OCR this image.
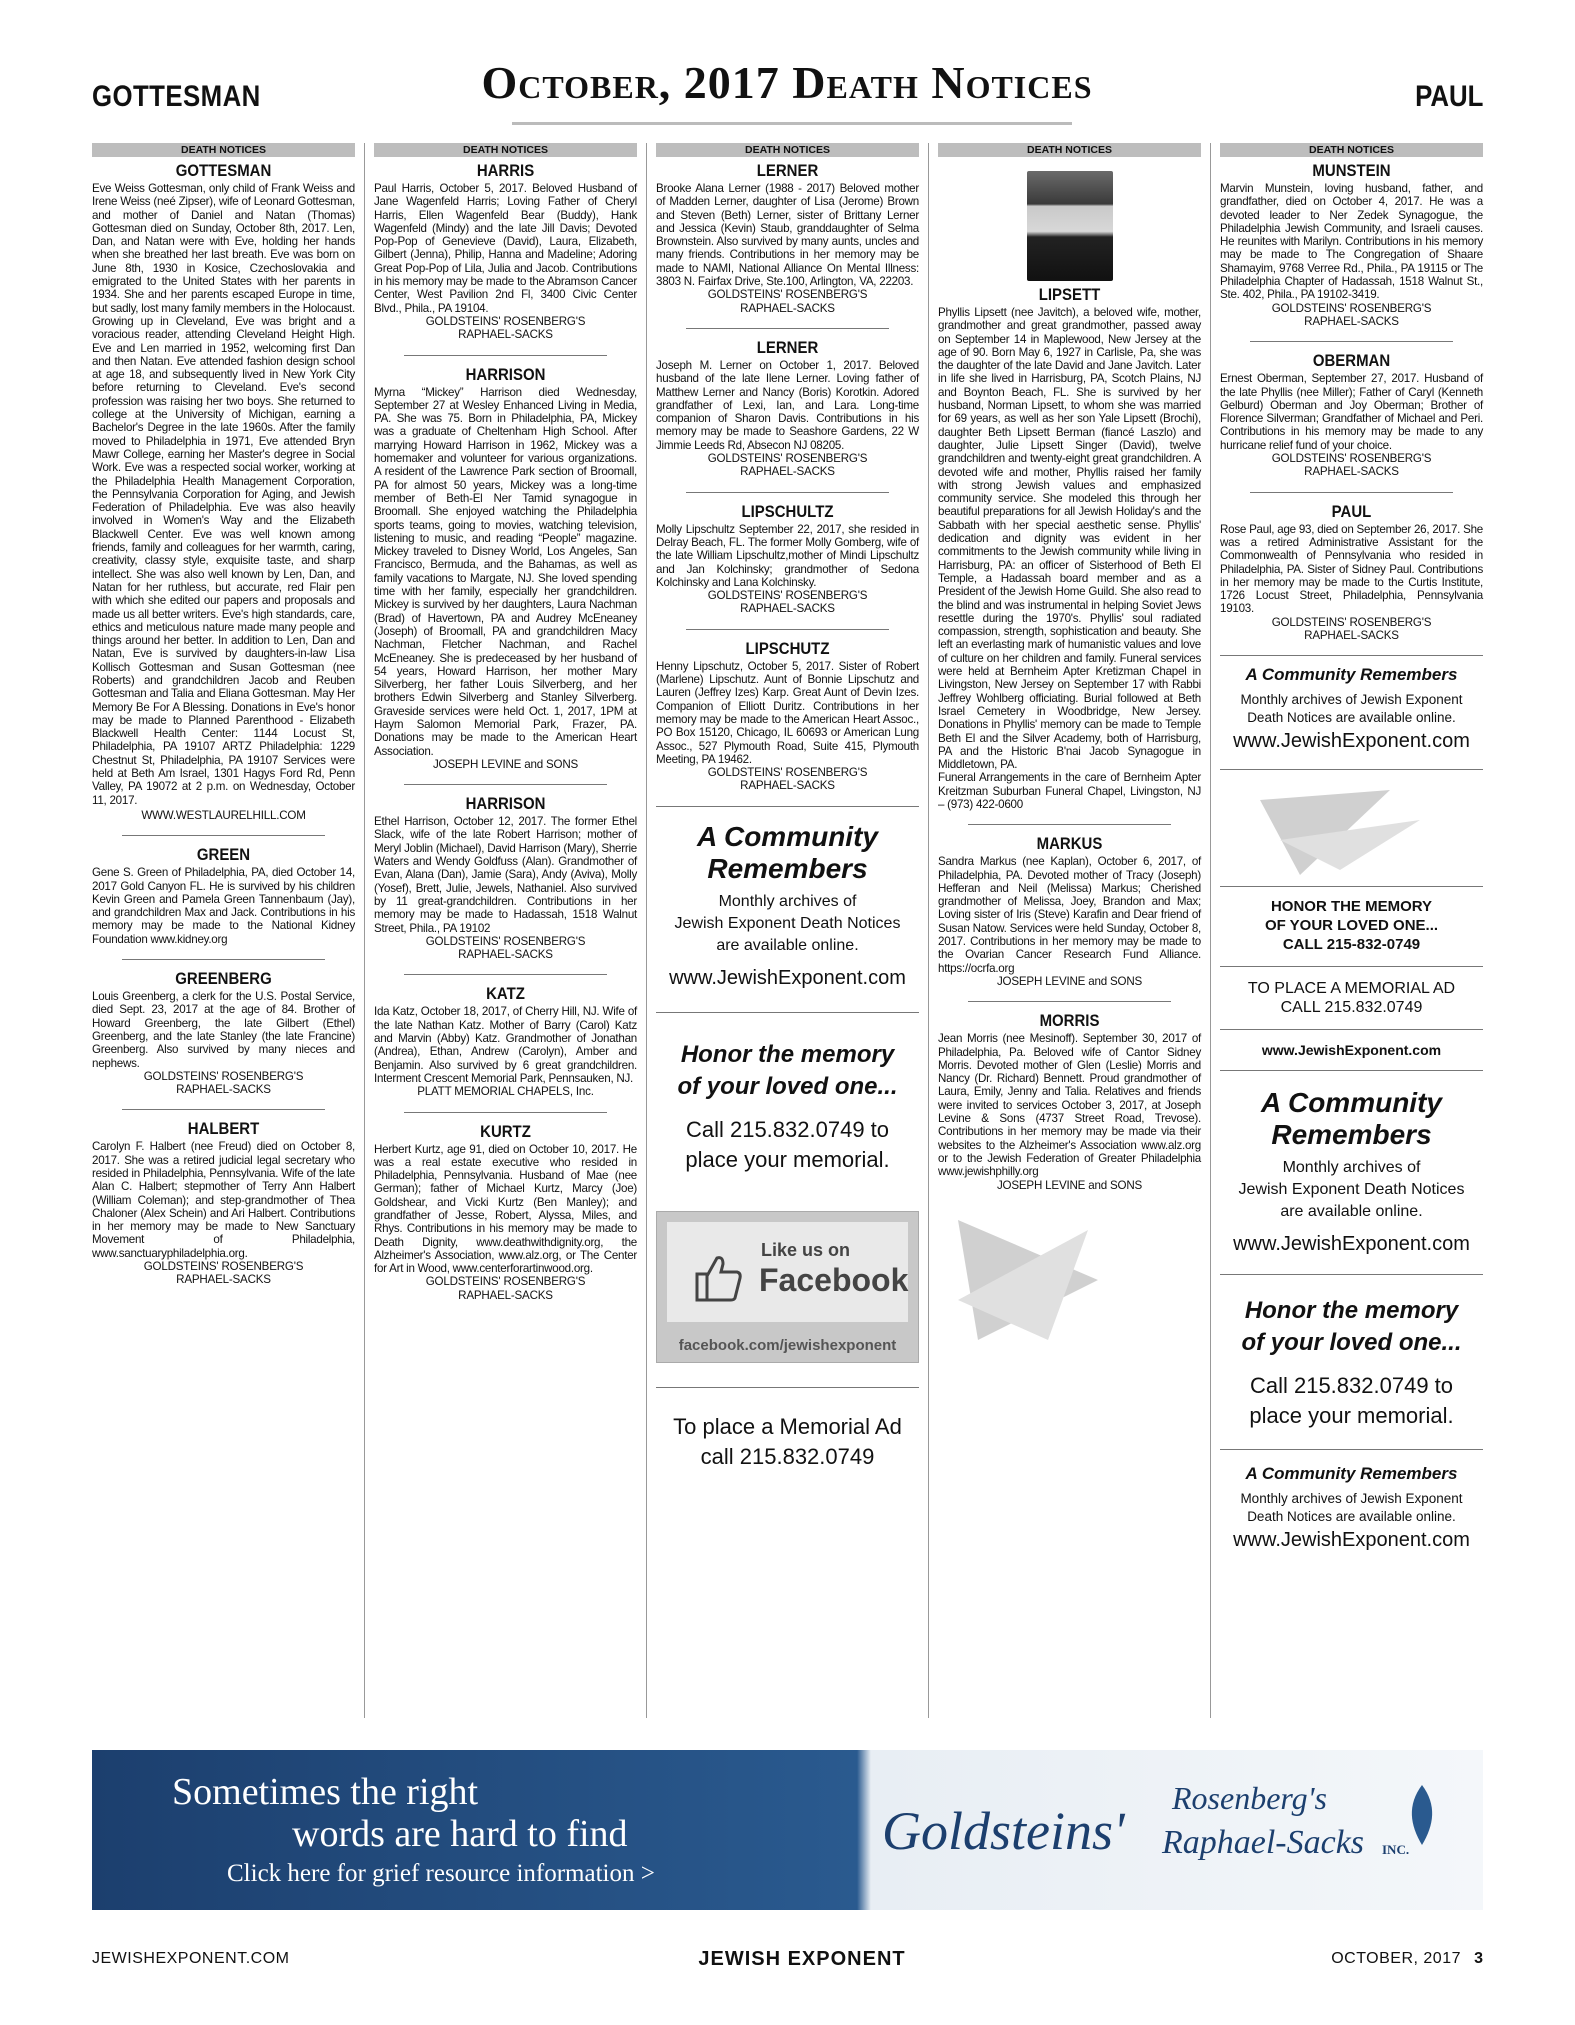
GOTTESMAN	October, 2017 Death Notices	PAUL
DEATH NOTICES
GOTTESMAN
Eve Weiss Gottesman, only child of Frank Weiss and Irene Weiss (neé Zipser), wife of Leonard Gottesman, and mother of Daniel and Natan (Thomas) Gottesman died on Sunday, October 8th, 2017. Len, Dan, and Natan were with Eve, holding her hands when she breathed her last breath. Eve was born on June 8th, 1930 in Kosice, Czechoslovakia and emigrated to the United States with her parents in 1934. She and her parents escaped Europe in time, but sadly, lost many family members in the Holocaust. Growing up in Cleveland, Eve was bright and a voracious reader, attending Cleveland Height High. Eve and Len married in 1952, welcoming first Dan and then Natan. Eve attended fashion design school at age 18, and subsequently lived in New York City before returning to Cleveland. Eve's second profession was raising her two boys. She returned to college at the University of Michigan, earning a Bachelor's Degree in the late 1960s. After the family moved to Philadelphia in 1971, Eve attended Bryn Mawr College, earning her Master's degree in Social Work. Eve was a respected social worker, working at the Philadelphia Health Management Corporation, the Pennsylvania Corporation for Aging, and Jewish Federation of Philadelphia. Eve was also heavily involved in Women's Way and the Elizabeth Blackwell Center. Eve was well known among friends, family and colleagues for her warmth, caring, creativity, classy style, exquisite taste, and sharp intellect. She was also well known by Len, Dan, and Natan for her ruthless, but accurate, red Flair pen with which she edited our papers and proposals and made us all better writers. Eve's high standards, care, ethics and meticulous nature made many people and things around her better. In addition to Len, Dan and Natan, Eve is survived by daughters-in-law Lisa Kollisch Gottesman and Susan Gottesman (nee Roberts) and grandchildren Jacob and Reuben Gottesman and Talia and Eliana Gottesman. May Her Memory Be For A Blessing. Donations in Eve's honor may be made to Planned Parenthood - Elizabeth Blackwell Health Center: 1144 Locust St, Philadelphia, PA 19107 ARTZ Philadelphia: 1229 Chestnut St, Philadelphia, PA 19107 Services were held at Beth Am Israel, 1301 Hagys Ford Rd, Penn Valley, PA 19072 at 2 p.m. on Wednesday, October 11, 2017.
WWW.WESTLAURELHILL.COM
GREEN
Gene S. Green of Philadelphia, PA, died October 14, 2017 Gold Canyon FL. He is survived by his children Kevin Green and Pamela Green Tannenbaum (Jay), and grandchildren Max and Jack. Contributions in his memory may be made to the National Kidney Foundation www.kidney.org
GREENBERG
Louis Greenberg, a clerk for the U.S. Postal Service, died Sept. 23, 2017 at the age of 84. Brother of Howard Greenberg, the late Gilbert (Ethel) Greenberg, and the late Stanley (the late Francine) Greenberg. Also survived by many nieces and nephews.
GOLDSTEINS' ROSENBERG'S
RAPHAEL-SACKS
HALBERT
Carolyn F. Halbert (nee Freud) died on October 8, 2017. She was a retired judicial legal secretary who resided in Philadelphia, Pennsylvania. Wife of the late Alan C. Halbert; stepmother of Terry Ann Halbert (William Coleman); and step-grandmother of Thea Chaloner (Alex Schein) and Ari Halbert. Contributions in her memory may be made to New Sanctuary Movement of Philadelphia, www.sanctuaryphiladelphia.org.
GOLDSTEINS' ROSENBERG'S
RAPHAEL-SACKS
DEATH NOTICES
HARRIS
Paul Harris, October 5, 2017. Beloved Husband of Jane Wagenfeld Harris; Loving Father of Cheryl Harris, Ellen Wagenfeld Bear (Buddy), Hank Wagenfeld (Mindy) and the late Jill Davis; Devoted Pop-Pop of Genevieve (David), Laura, Elizabeth, Gilbert (Jenna), Philip, Hanna and Madeline; Adoring Great Pop-Pop of Lila, Julia and Jacob. Contributions in his memory may be made to the Abramson Cancer Center, West Pavilion 2nd Fl, 3400 Civic Center Blvd., Phila., PA 19104.
GOLDSTEINS' ROSENBERG'S
RAPHAEL-SACKS
HARRISON
Myrna “Mickey” Harrison died Wednesday, September 27 at Wesley Enhanced Living in Media, PA. She was 75. Born in Philadelphia, PA, Mickey was a graduate of Cheltenham High School. After marrying Howard Harrison in 1962, Mickey was a homemaker and volunteer for various organizations. A resident of the Lawrence Park section of Broomall, PA for almost 50 years, Mickey was a long-time member of Beth-El Ner Tamid synagogue in Broomall. She enjoyed watching the Philadelphia sports teams, going to movies, watching television, listening to music, and reading “People” magazine. Mickey traveled to Disney World, Los Angeles, San Francisco, Bermuda, and the Bahamas, as well as family vacations to Margate, NJ. She loved spending time with her family, especially her grandchildren. Mickey is survived by her daughters, Laura Nachman (Brad) of Havertown, PA and Audrey McEneaney (Joseph) of Broomall, PA and grandchildren Macy Nachman, Fletcher Nachman, and Rachel McEneaney. She is predeceased by her husband of 54 years, Howard Harrison, her mother Mary Silverberg, her father Louis Silverberg, and her brothers Edwin Silverberg and Stanley Silverberg. Graveside services were held Oct. 1, 2017, 1PM at Haym Salomon Memorial Park, Frazer, PA. Donations may be made to the American Heart Association.
JOSEPH LEVINE and SONS
HARRISON
Ethel Harrison, October 12, 2017. The former Ethel Slack, wife of the late Robert Harrison; mother of Meryl Joblin (Michael), David Harrison (Mary), Sherrie Waters and Wendy Goldfuss (Alan). Grandmother of Evan, Alana (Dan), Jamie (Sara), Andy (Aviva), Molly (Yosef), Brett, Julie, Jewels, Nathaniel. Also survived by 11 great-grandchildren. Contributions in her memory may be made to Hadassah, 1518 Walnut Street, Phila., PA 19102
GOLDSTEINS' ROSENBERG'S
RAPHAEL-SACKS
KATZ
Ida Katz, October 18, 2017, of Cherry Hill, NJ. Wife of the late Nathan Katz. Mother of Barry (Carol) Katz and Marvin (Abby) Katz. Grandmother of Jonathan (Andrea), Ethan, Andrew (Carolyn), Amber and Benjamin. Also survived by 6 great grandchildren. Interment Crescent Memorial Park, Pennsauken, NJ.
PLATT MEMORIAL CHAPELS, Inc.
KURTZ
Herbert Kurtz, age 91, died on October 10, 2017. He was a real estate executive who resided in Philadelphia, Pennsylvania. Husband of Mae (nee German); father of Michael Kurtz, Marcy (Joe) Goldshear, and Vicki Kurtz (Ben Manley); and grandfather of Jesse, Robert, Alyssa, Miles, and Rhys. Contributions in his memory may be made to Death Dignity, www.deathwithdignity.org, the Alzheimer's Association, www.alz.org, or The Center for Art in Wood, www.centerforartinwood.org.
GOLDSTEINS' ROSENBERG'S
RAPHAEL-SACKS
DEATH NOTICES
LERNER
Brooke Alana Lerner (1988 - 2017) Beloved mother of Madden Lerner, daughter of Lisa (Jerome) Brown and Steven (Beth) Lerner, sister of Brittany Lerner and Jessica (Kevin) Staub, granddaughter of Selma Brownstein. Also survived by many aunts, uncles and many friends. Contributions in her memory may be made to NAMI, National Alliance On Mental Illness: 3803 N. Fairfax Drive, Ste.100, Arlington, VA, 22203.
GOLDSTEINS' ROSENBERG'S
RAPHAEL-SACKS
LERNER
Joseph M. Lerner on October 1, 2017. Beloved husband of the late Ilene Lerner. Loving father of Matthew Lerner and Nancy (Boris) Korotkin. Adored grandfather of Lexi, Ian, and Lara. Long-time companion of Sharon Davis. Contributions in his memory may be made to Seashore Gardens, 22 W Jimmie Leeds Rd, Absecon NJ 08205.
GOLDSTEINS' ROSENBERG'S
RAPHAEL-SACKS
LIPSCHULTZ
Molly Lipschultz September 22, 2017, she resided in Delray Beach, FL. The former Molly Gomberg, wife of the late William Lipschultz,mother of Mindi Lipschultz and Jan Kolchinsky; grandmother of Sedona Kolchinsky and Lana Kolchinsky.
GOLDSTEINS' ROSENBERG'S
RAPHAEL-SACKS
LIPSCHUTZ
Henny Lipschutz, October 5, 2017. Sister of Robert (Marlene) Lipschutz. Aunt of Bonnie Lipschutz and Lauren (Jeffrey Izes) Karp. Great Aunt of Devin Izes. Companion of Elliott Duritz. Contributions in her memory may be made to the American Heart Assoc., PO Box 15120, Chicago, IL 60693 or American Lung Assoc., 527 Plymouth Road, Suite 415, Plymouth Meeting, PA 19462.
GOLDSTEINS' ROSENBERG'S
RAPHAEL-SACKS
A Community Remembers
Monthly archives of
Jewish Exponent Death Notices
are available online.
www.JewishExponent.com
Honor the memory
of your loved one...
Call 215.832.0749 to
place your memorial.
Like us on
Facebook
facebook.com/jewishexponent
To place a Memorial Ad
call 215.832.0749
DEATH NOTICES
LIPSETT
Phyllis Lipsett (nee Javitch), a beloved wife, mother, grandmother and great grandmother, passed away on September 14 in Maplewood, New Jersey at the age of 90. Born May 6, 1927 in Carlisle, Pa, she was the daughter of the late David and Jane Javitch. Later in life she lived in Harrisburg, PA, Scotch Plains, NJ and Boynton Beach, FL. She is survived by her husband, Norman Lipsett, to whom she was married for 69 years, as well as her son Yale Lipsett (Brochi), daughter Beth Lipsett Berman (fiancé Laszlo) and daughter, Julie Lipsett Singer (David), twelve grandchildren and twenty-eight great grandchildren. A devoted wife and mother, Phyllis raised her family with strong Jewish values and emphasized community service. She modeled this through her beautiful preparations for all Jewish Holiday's and the Sabbath with her special aesthetic sense. Phyllis' dedication and dignity was evident in her commitments to the Jewish community while living in Harrisburg, PA: an officer of Sisterhood of Beth El Temple, a Hadassah board member and as a President of the Jewish Home Guild. She also read to the blind and was instrumental in helping Soviet Jews resettle during the 1970's. Phyllis' soul radiated compassion, strength, sophistication and beauty. She left an everlasting mark of humanistic values and love of culture on her children and family. Funeral services were held at Bernheim Apter Kretizman Chapel in Livingston, New Jersey on September 17 with Rabbi Jeffrey Wohlberg officiating. Burial followed at Beth Israel Cemetery in Woodbridge, New Jersey. Donations in Phyllis' memory can be made to Temple Beth El and the Silver Academy, both of Harrisburg, PA and the Historic B'nai Jacob Synagogue in Middletown, PA.
Funeral Arrangements in the care of Bernheim Apter Kreitzman Suburban Funeral Chapel, Livingston, NJ – (973) 422-0600
MARKUS
Sandra Markus (nee Kaplan), October 6, 2017, of Philadelphia, PA. Devoted mother of Tracy (Joseph) Hefferan and Neil (Melissa) Markus; Cherished grandmother of Melissa, Joey, Brandon and Max; Loving sister of Iris (Steve) Karafin and Dear friend of Susan Natow. Services were held Sunday, October 8, 2017. Contributions in her memory may be made to the Ovarian Cancer Research Fund Alliance. https://ocrfa.org
JOSEPH LEVINE and SONS
MORRIS
Jean Morris (nee Mesinoff). September 30, 2017 of Philadelphia, Pa. Beloved wife of Cantor Sidney Morris. Devoted mother of Glen (Leslie) Morris and Nancy (Dr. Richard) Bennett. Proud grandmother of Laura, Emily, Jenny and Talia. Relatives and friends were invited to services October 3, 2017, at Joseph Levine & Sons (4737 Street Road, Trevose). Contributions in her memory may be made via their websites to the Alzheimer's Association www.alz.org or to the Jewish Federation of Greater Philadelphia www.jewishphilly.org
JOSEPH LEVINE and SONS
DEATH NOTICES
MUNSTEIN
Marvin Munstein, loving husband, father, and grandfather, died on October 4, 2017. He was a devoted leader to Ner Zedek Synagogue, the Philadelphia Jewish Community, and Israeli causes. He reunites with Marilyn. Contributions in his memory may be made to The Congregation of Shaare Shamayim, 9768 Verree Rd., Phila., PA 19115 or The Philadelphia Chapter of Hadassah, 1518 Walnut St., Ste. 402, Phila., PA 19102-3419.
GOLDSTEINS' ROSENBERG'S
RAPHAEL-SACKS
OBERMAN
Ernest Oberman, September 27, 2017. Husband of the late Phyllis (nee Miller); Father of Caryl (Kenneth Gelburd) Oberman and Joy Oberman; Brother of Florence Silverman; Grandfather of Michael and Peri. Contributions in his memory may be made to any hurricane relief fund of your choice.
GOLDSTEINS' ROSENBERG'S
RAPHAEL-SACKS
PAUL
Rose Paul, age 93, died on September 26, 2017. She was a retired Administrative Assistant for the Commonwealth of Pennsylvania who resided in Philadelphia, PA. Sister of Sidney Paul. Contributions in her memory may be made to the Curtis Institute, 1726 Locust Street, Philadelphia, Pennsylvania 19103.
GOLDSTEINS' ROSENBERG'S
RAPHAEL-SACKS
A Community Remembers
Monthly archives of Jewish Exponent
Death Notices are available online.
www.JewishExponent.com
HONOR THE MEMORY
OF YOUR LOVED ONE...
CALL 215-832-0749
TO PLACE A MEMORIAL AD
CALL 215.832.0749
www.JewishExponent.com
A Community Remembers
Monthly archives of
Jewish Exponent Death Notices
are available online.
www.JewishExponent.com
Honor the memory
of your loved one...
Call 215.832.0749 to
place your memorial.
A Community Remembers
Monthly archives of Jewish Exponent
Death Notices are available online.
www.JewishExponent.com
Sometimes the right
words are hard to find
Click here for grief resource information >
Goldsteins'
Rosenberg's
Raphael-Sacks INC.
JEWISHEXPONENT.COM	JEWISH EXPONENT	OCTOBER, 2017 3
